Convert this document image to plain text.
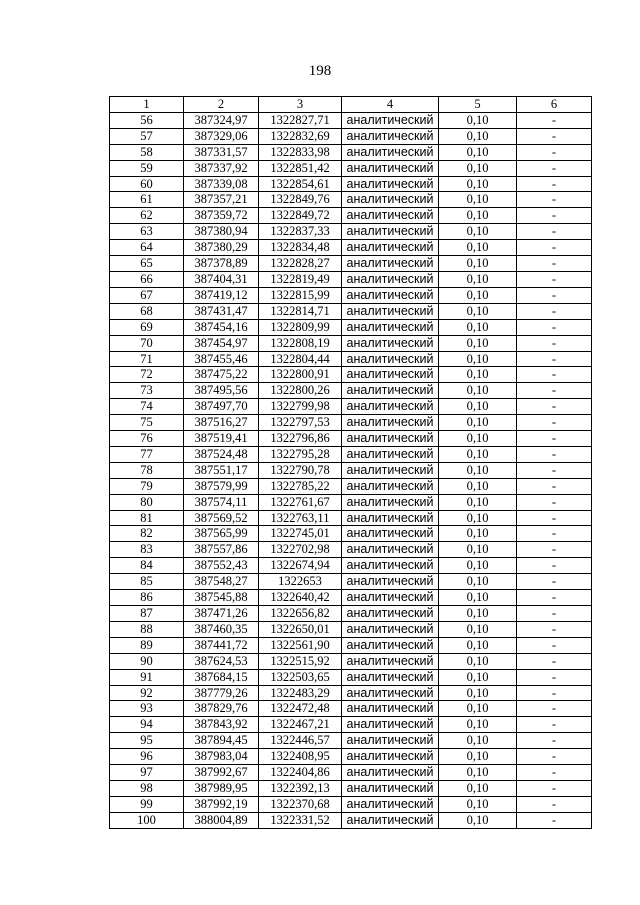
198
1	2	3	4	5	6
56	387324,97	1322827,71	аналитический	0,10	-
57	387329,06	1322832,69	аналитический	0,10	-
58	387331,57	1322833,98	аналитический	0,10	-
59	387337,92	1322851,42	аналитический	0,10	-
60	387339,08	1322854,61	аналитический	0,10	-
61	387357,21	1322849,76	аналитический	0,10	-
62	387359,72	1322849,72	аналитический	0,10	-
63	387380,94	1322837,33	аналитический	0,10	-
64	387380,29	1322834,48	аналитический	0,10	-
65	387378,89	1322828,27	аналитический	0,10	-
66	387404,31	1322819,49	аналитический	0,10	-
67	387419,12	1322815,99	аналитический	0,10	-
68	387431,47	1322814,71	аналитический	0,10	-
69	387454,16	1322809,99	аналитический	0,10	-
70	387454,97	1322808,19	аналитический	0,10	-
71	387455,46	1322804,44	аналитический	0,10	-
72	387475,22	1322800,91	аналитический	0,10	-
73	387495,56	1322800,26	аналитический	0,10	-
74	387497,70	1322799,98	аналитический	0,10	-
75	387516,27	1322797,53	аналитический	0,10	-
76	387519,41	1322796,86	аналитический	0,10	-
77	387524,48	1322795,28	аналитический	0,10	-
78	387551,17	1322790,78	аналитический	0,10	-
79	387579,99	1322785,22	аналитический	0,10	-
80	387574,11	1322761,67	аналитический	0,10	-
81	387569,52	1322763,11	аналитический	0,10	-
82	387565,99	1322745,01	аналитический	0,10	-
83	387557,86	1322702,98	аналитический	0,10	-
84	387552,43	1322674,94	аналитический	0,10	-
85	387548,27	1322653	аналитический	0,10	-
86	387545,88	1322640,42	аналитический	0,10	-
87	387471,26	1322656,82	аналитический	0,10	-
88	387460,35	1322650,01	аналитический	0,10	-
89	387441,72	1322561,90	аналитический	0,10	-
90	387624,53	1322515,92	аналитический	0,10	-
91	387684,15	1322503,65	аналитический	0,10	-
92	387779,26	1322483,29	аналитический	0,10	-
93	387829,76	1322472,48	аналитический	0,10	-
94	387843,92	1322467,21	аналитический	0,10	-
95	387894,45	1322446,57	аналитический	0,10	-
96	387983,04	1322408,95	аналитический	0,10	-
97	387992,67	1322404,86	аналитический	0,10	-
98	387989,95	1322392,13	аналитический	0,10	-
99	387992,19	1322370,68	аналитический	0,10	-
100	388004,89	1322331,52	аналитический	0,10	-
